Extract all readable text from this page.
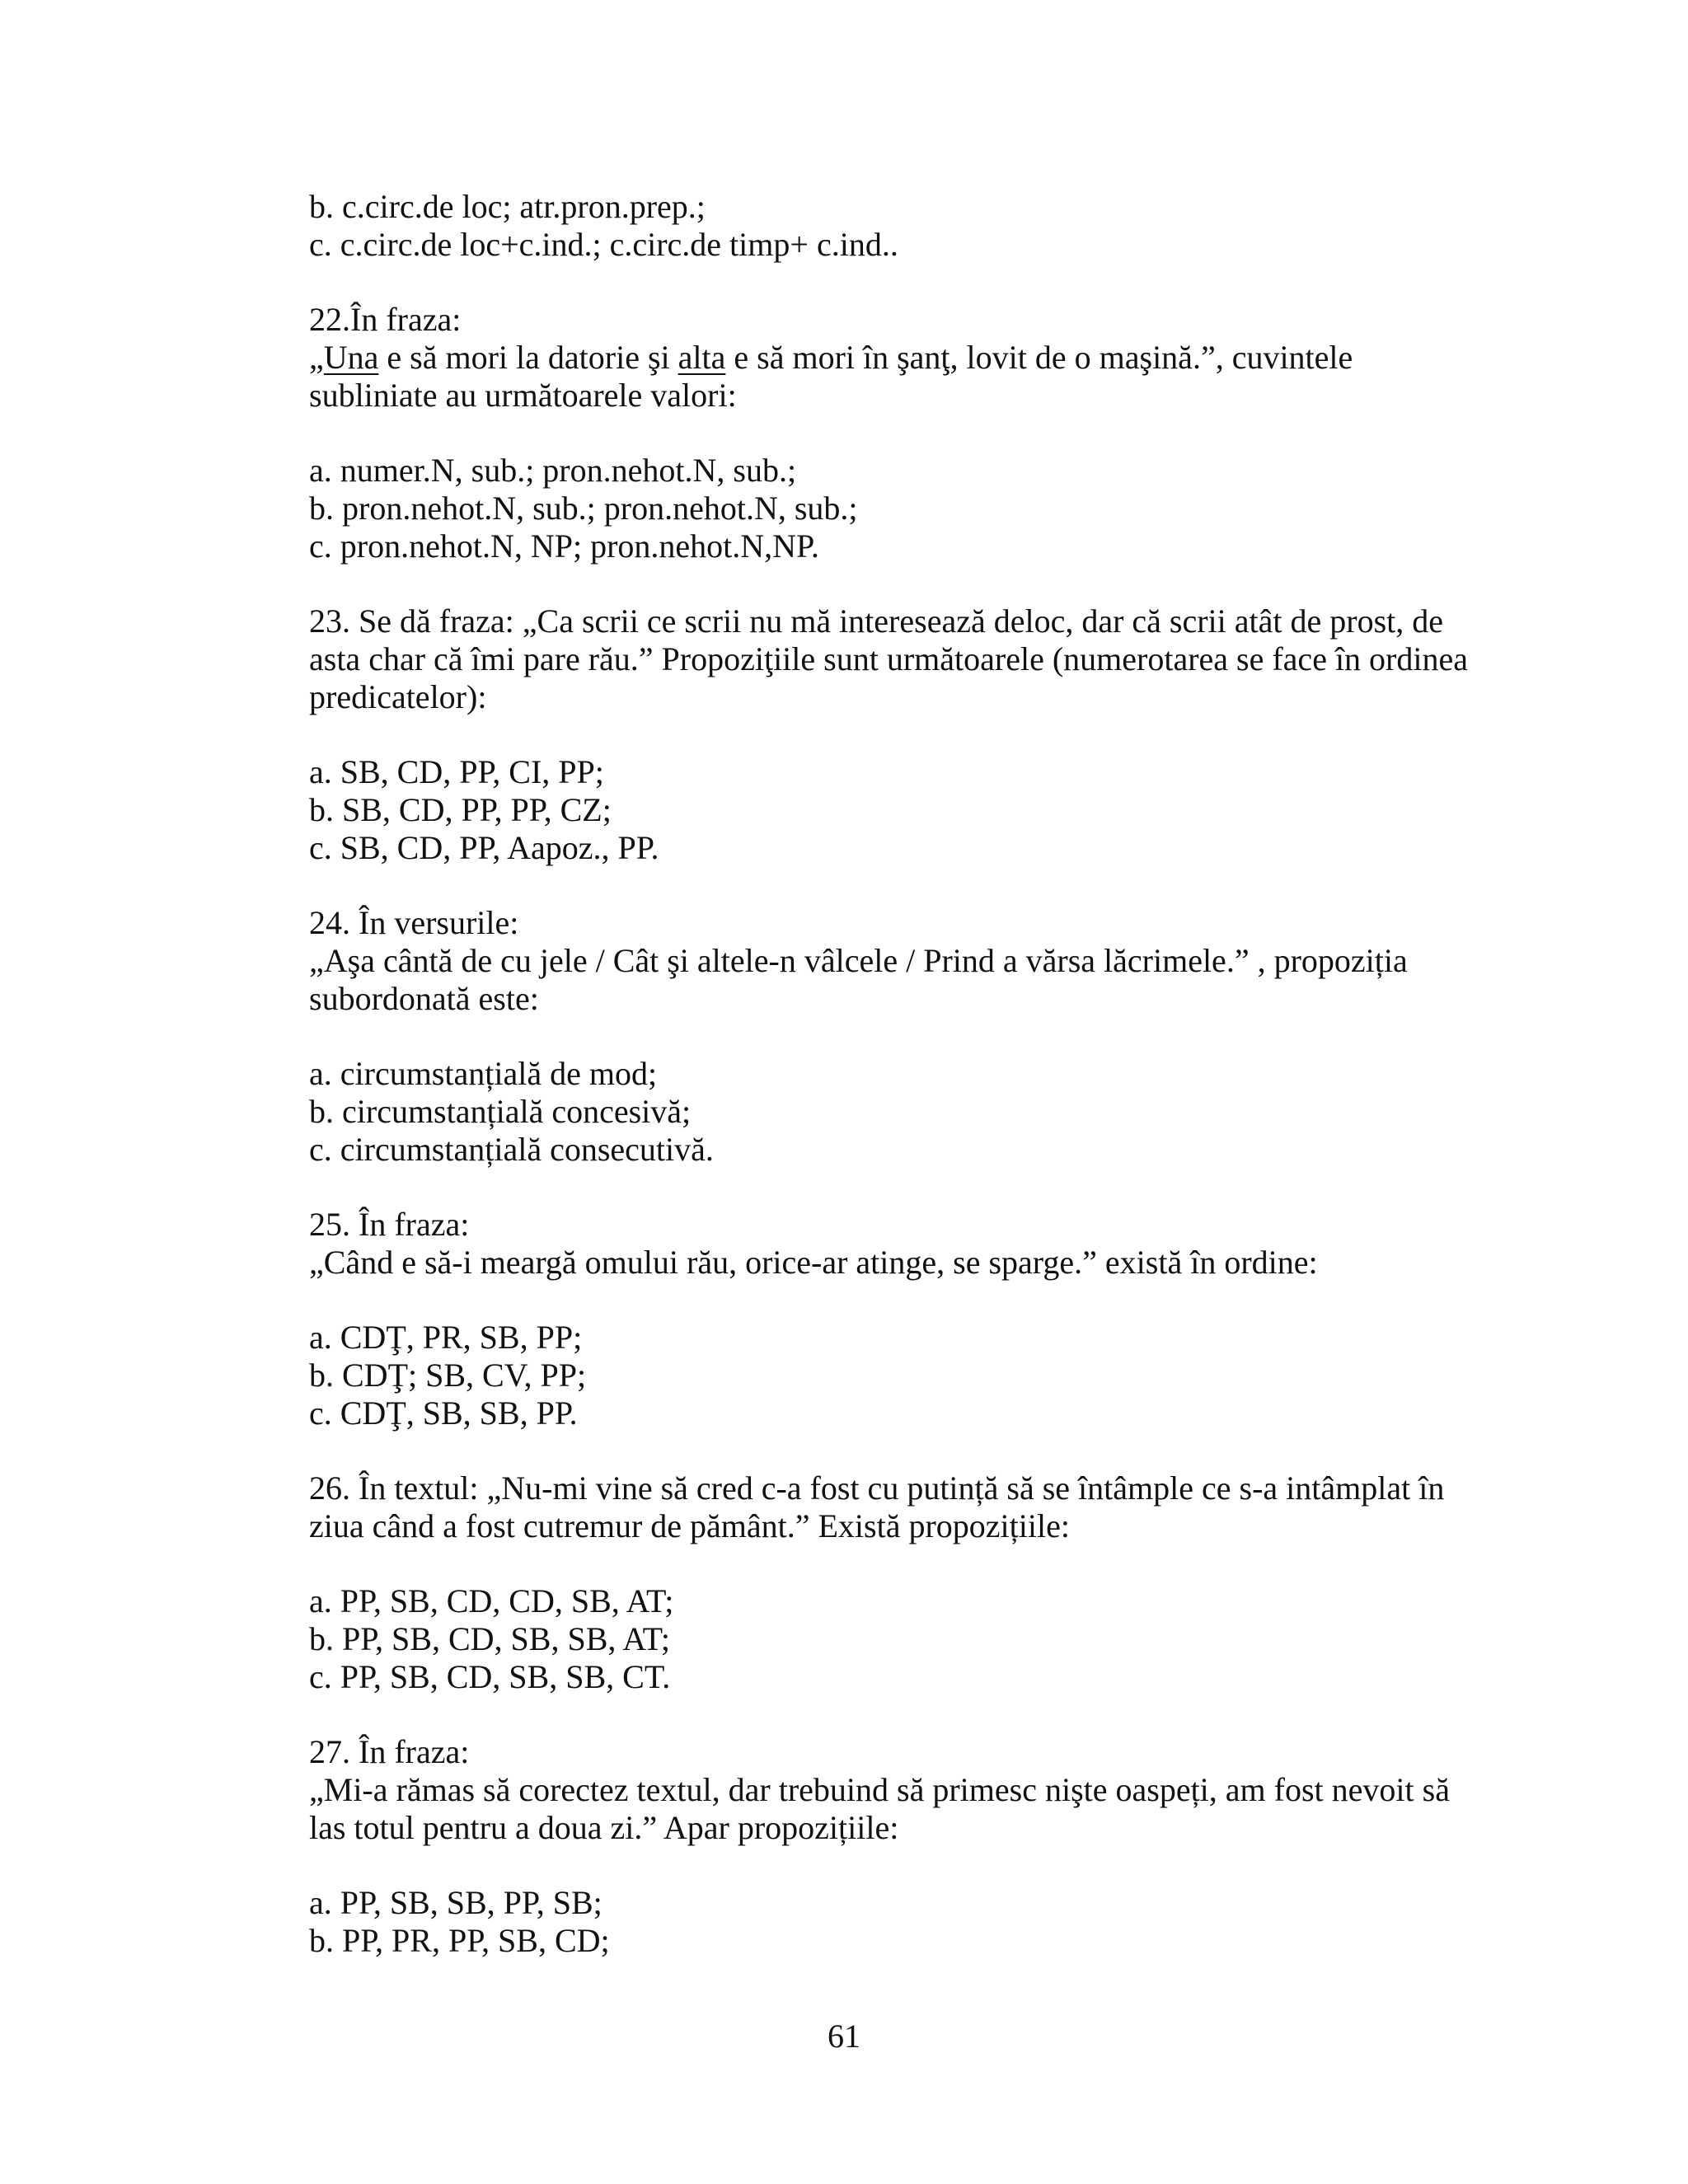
b. c.circ.de loc; atr.pron.prep.;
c. c.circ.de loc+c.ind.; c.circ.de timp+ c.ind..
22.În fraza:
„Una e să mori la datorie şi alta e să mori în şanţ, lovit de o maşină.”, cuvintele
subliniate au următoarele valori:
a. numer.N, sub.; pron.nehot.N, sub.;
b. pron.nehot.N, sub.; pron.nehot.N, sub.;
c. pron.nehot.N, NP; pron.nehot.N,NP.
23. Se dă fraza: „Ca scrii ce scrii nu mă interesează deloc, dar că scrii atât de prost, de
asta char că îmi pare rău.” Propoziţiile sunt următoarele (numerotarea se face în ordinea
predicatelor):
a. SB, CD, PP, CI, PP;
b. SB, CD, PP, PP, CZ;
c. SB, CD, PP, Aapoz., PP.
24. În versurile:
„Aşa cântă de cu jele / Cât şi altele-n vâlcele / Prind a vărsa lăcrimele.” , propoziția
subordonată este:
a. circumstanțială de mod;
b. circumstanțială concesivă;
c. circumstanțială consecutivă.
25. În fraza:
„Când e să-i meargă omului rău, orice-ar atinge, se sparge.” există în ordine:
a. CDŢ, PR, SB, PP;
b. CDŢ; SB, CV, PP;
c. CDŢ, SB, SB, PP.
26. În textul: „Nu-mi vine să cred c-a fost cu putință să se întâmple ce s-a intâmplat în
ziua când a fost cutremur de pământ.” Există propozițiile:
a. PP, SB, CD, CD, SB, AT;
b. PP, SB, CD, SB, SB, AT;
c. PP, SB, CD, SB, SB, CT.
27. În fraza:
„Mi-a rămas să corectez textul, dar trebuind să primesc nişte oaspeți, am fost nevoit să
las totul pentru a doua zi.” Apar propozițiile:
a. PP, SB, SB, PP, SB;
b. PP, PR, PP, SB, CD;
61
